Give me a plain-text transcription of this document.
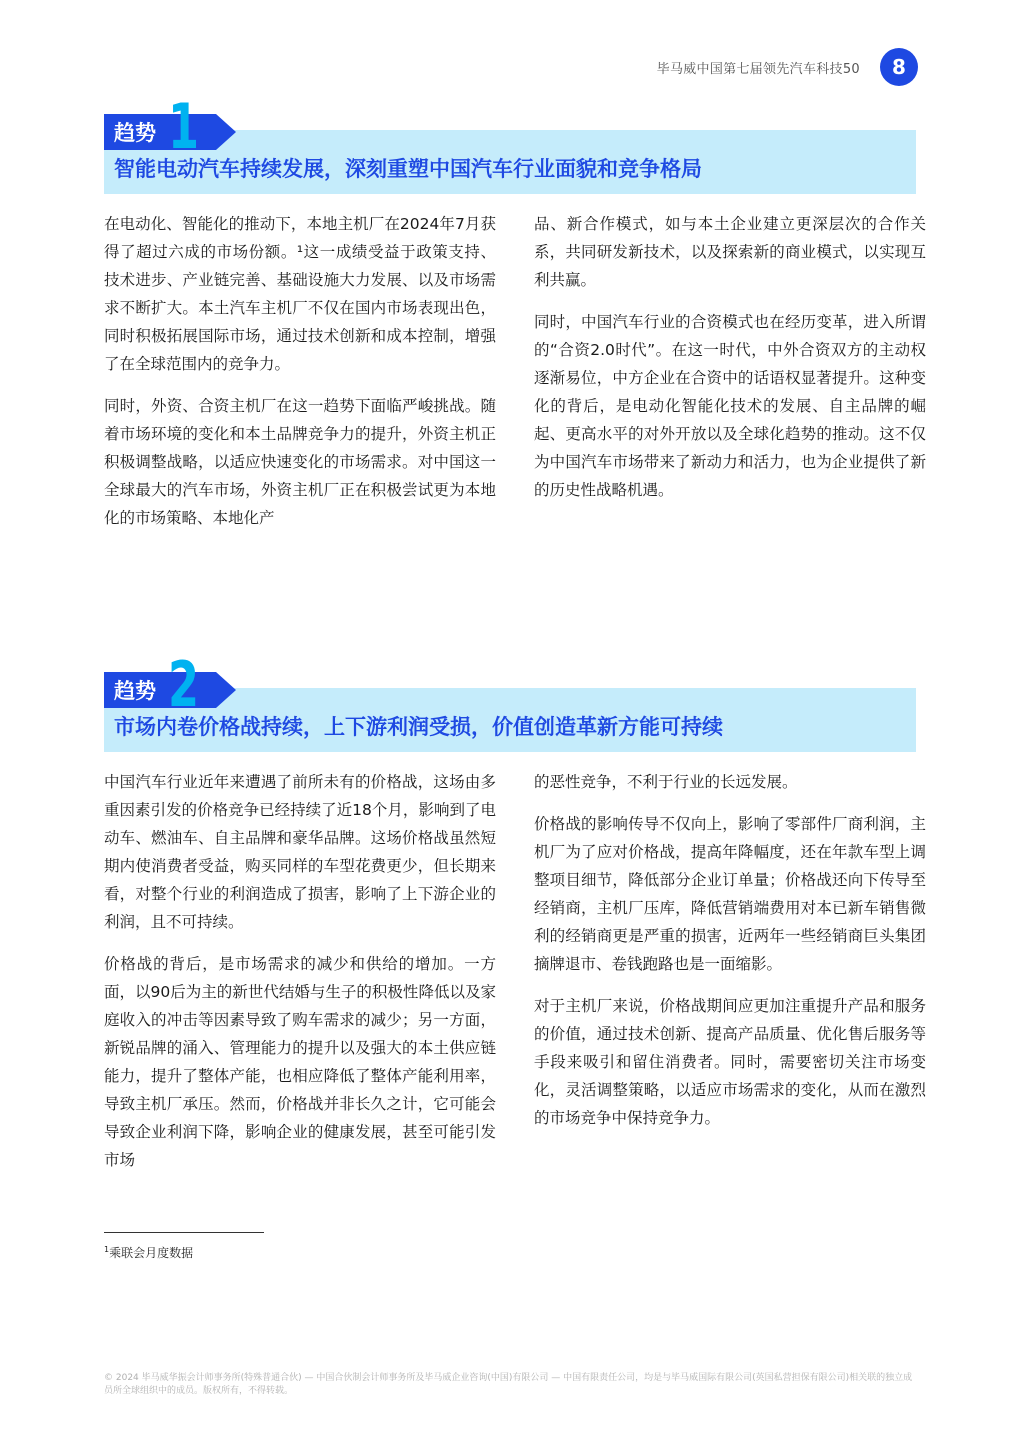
毕马威中国第七届领先汽车科技50	8
1
趋势
智能电动汽车持续发展，深刻重塑中国汽车行业面貌和竞争格局

在电动化、智能化的推动下，本地主机厂在2024年7月获得了超过六成的市场份额。¹这一成绩受益于政策支持、技术进步、产业链完善、基础设施大力发展、以及市场需求不断扩大。本土汽车主机厂不仅在国内市场表现出色，同时积极拓展国际市场，通过技术创新和成本控制，增强了在全球范围内的竞争力。

同时，外资、合资主机厂在这一趋势下面临严峻挑战。随着市场环境的变化和本土品牌竞争力的提升，外资主机正积极调整战略，以适应快速变化的市场需求。对中国这一全球最大的汽车市场，外资主机厂正在积极尝试更为本地化的市场策略、本地化产

品、新合作模式，如与本土企业建立更深层次的合作关系，共同研发新技术，以及探索新的商业模式，以实现互利共赢。

同时，中国汽车行业的合资模式也在经历变革，进入所谓的“合资2.0时代”。在这一时代，中外合资双方的主动权逐渐易位，中方企业在合资中的话语权显著提升。这种变化的背后，是电动化智能化技术的发展、自主品牌的崛起、更高水平的对外开放以及全球化趋势的推动。这不仅为中国汽车市场带来了新动力和活力，也为企业提供了新的历史性战略机遇。

2
趋势
市场内卷价格战持续，上下游利润受损，价值创造革新方能可持续

中国汽车行业近年来遭遇了前所未有的价格战，这场由多重因素引发的价格竞争已经持续了近18个月，影响到了电动车、燃油车、自主品牌和豪华品牌。这场价格战虽然短期内使消费者受益，购买同样的车型花费更少，但长期来看，对整个行业的利润造成了损害，影响了上下游企业的利润，且不可持续。

价格战的背后，是市场需求的减少和供给的增加。一方面，以90后为主的新世代结婚与生子的积极性降低以及家庭收入的冲击等因素导致了购车需求的减少；另一方面，新锐品牌的涌入、管理能力的提升以及强大的本土供应链能力，提升了整体产能，也相应降低了整体产能利用率，导致主机厂承压。然而，价格战并非长久之计，它可能会导致企业利润下降，影响企业的健康发展，甚至可能引发市场

的恶性竞争，不利于行业的长远发展。

价格战的影响传导不仅向上，影响了零部件厂商利润，主机厂为了应对价格战，提高年降幅度，还在年款车型上调整项目细节，降低部分企业订单量；价格战还向下传导至经销商，主机厂压库，降低营销端费用对本已新车销售微利的经销商更是严重的损害，近两年一些经销商巨头集团摘牌退市、卷钱跑路也是一面缩影。

对于主机厂来说，价格战期间应更加注重提升产品和服务的价值，通过技术创新、提高产品质量、优化售后服务等手段来吸引和留住消费者。同时，需要密切关注市场变化，灵活调整策略，以适应市场需求的变化，从而在激烈的市场竞争中保持竞争力。

$^1$乘联会月度数据
© 2024 毕马威华振会计师事务所(特殊普通合伙) — 中国合伙制会计师事务所及毕马威企业咨询(中国)有限公司 — 中国有限责任公司，均是与毕马威国际有限公司(英国私营担保有限公司)相关联的独立成员所全球组织中的成员。版权所有，不得转载。
